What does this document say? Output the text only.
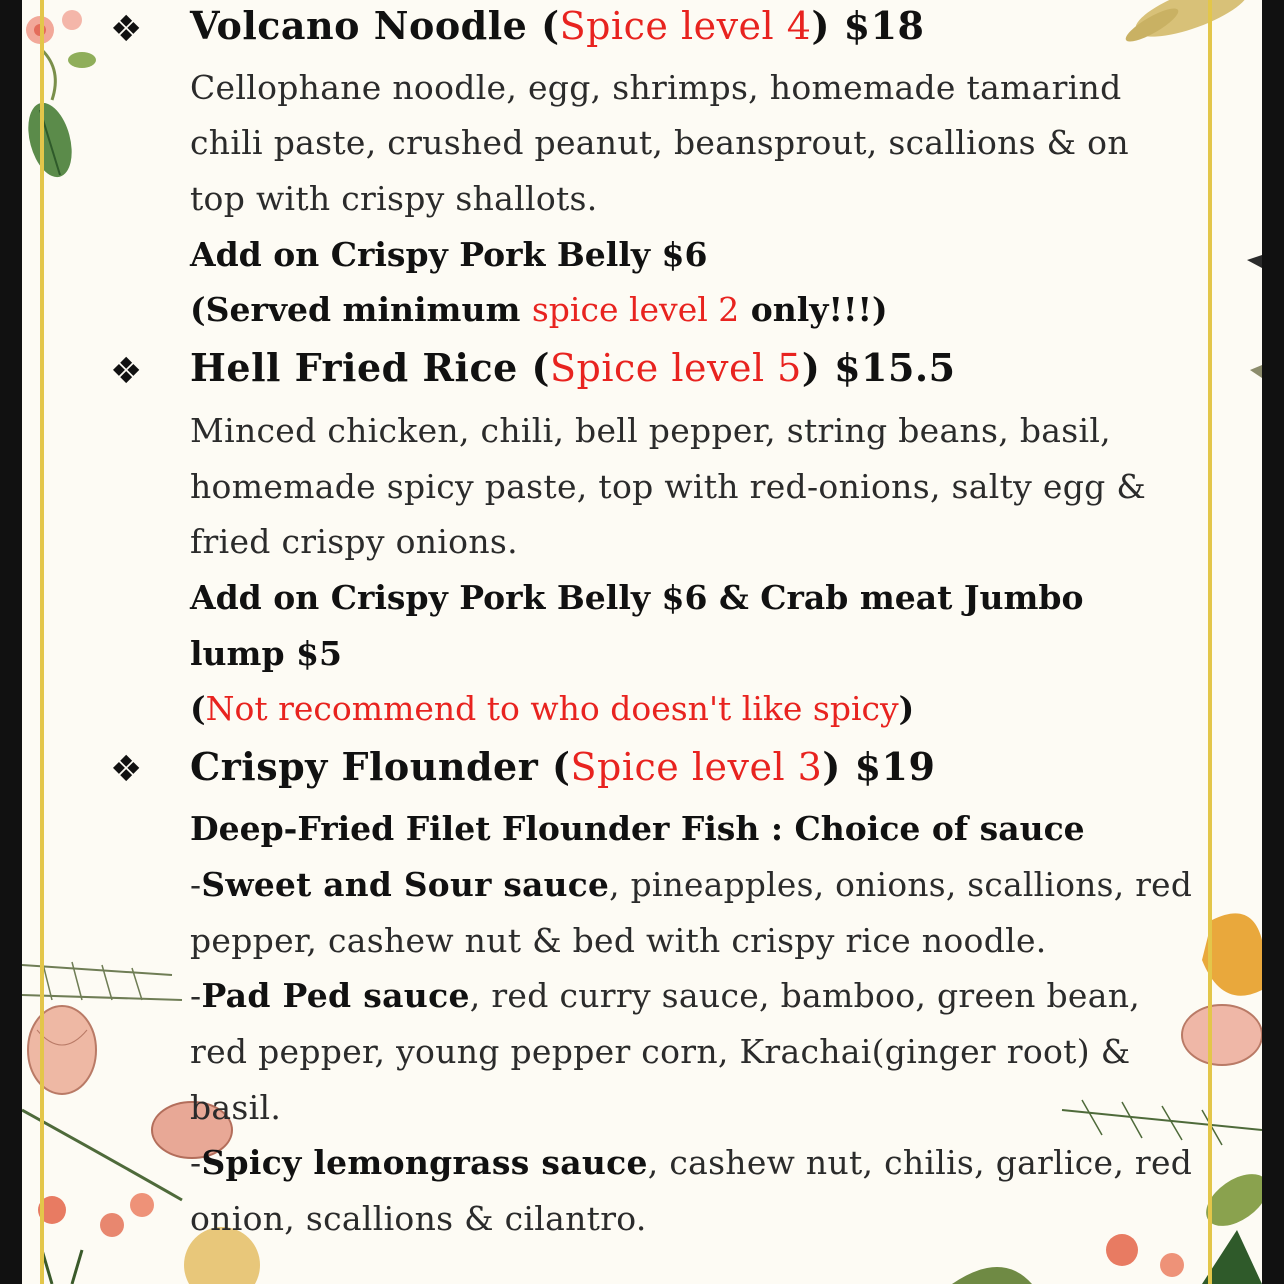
❖ Volcano Noodle (Spice level 4) $18
Cellophane noodle, egg, shrimps, homemade tamarind
chili paste, crushed peanut, beansprout, scallions & on
top with crispy shallots.
Add on Crispy Pork Belly $6
(Served minimum spice level 2 only!!!)
❖ Hell Fried Rice (Spice level 5) $15.5
Minced chicken, chili, bell pepper, string beans, basil,
homemade spicy paste, top with red-onions, salty egg &
fried crispy onions.
Add on Crispy Pork Belly $6 & Crab meat Jumbo
lump $5
(Not recommend to who doesn't like spicy)
❖ Crispy Flounder (Spice level 3) $19
Deep-Fried Filet Flounder Fish : Choice of sauce
-Sweet and Sour sauce, pineapples, onions, scallions, red
pepper, cashew nut & bed with crispy rice noodle.
-Pad Ped sauce, red curry sauce, bamboo, green bean,
red pepper, young pepper corn, Krachai(ginger root) &
basil.
-Spicy lemongrass sauce, cashew nut, chilis, garlice, red
onion, scallions & cilantro.
